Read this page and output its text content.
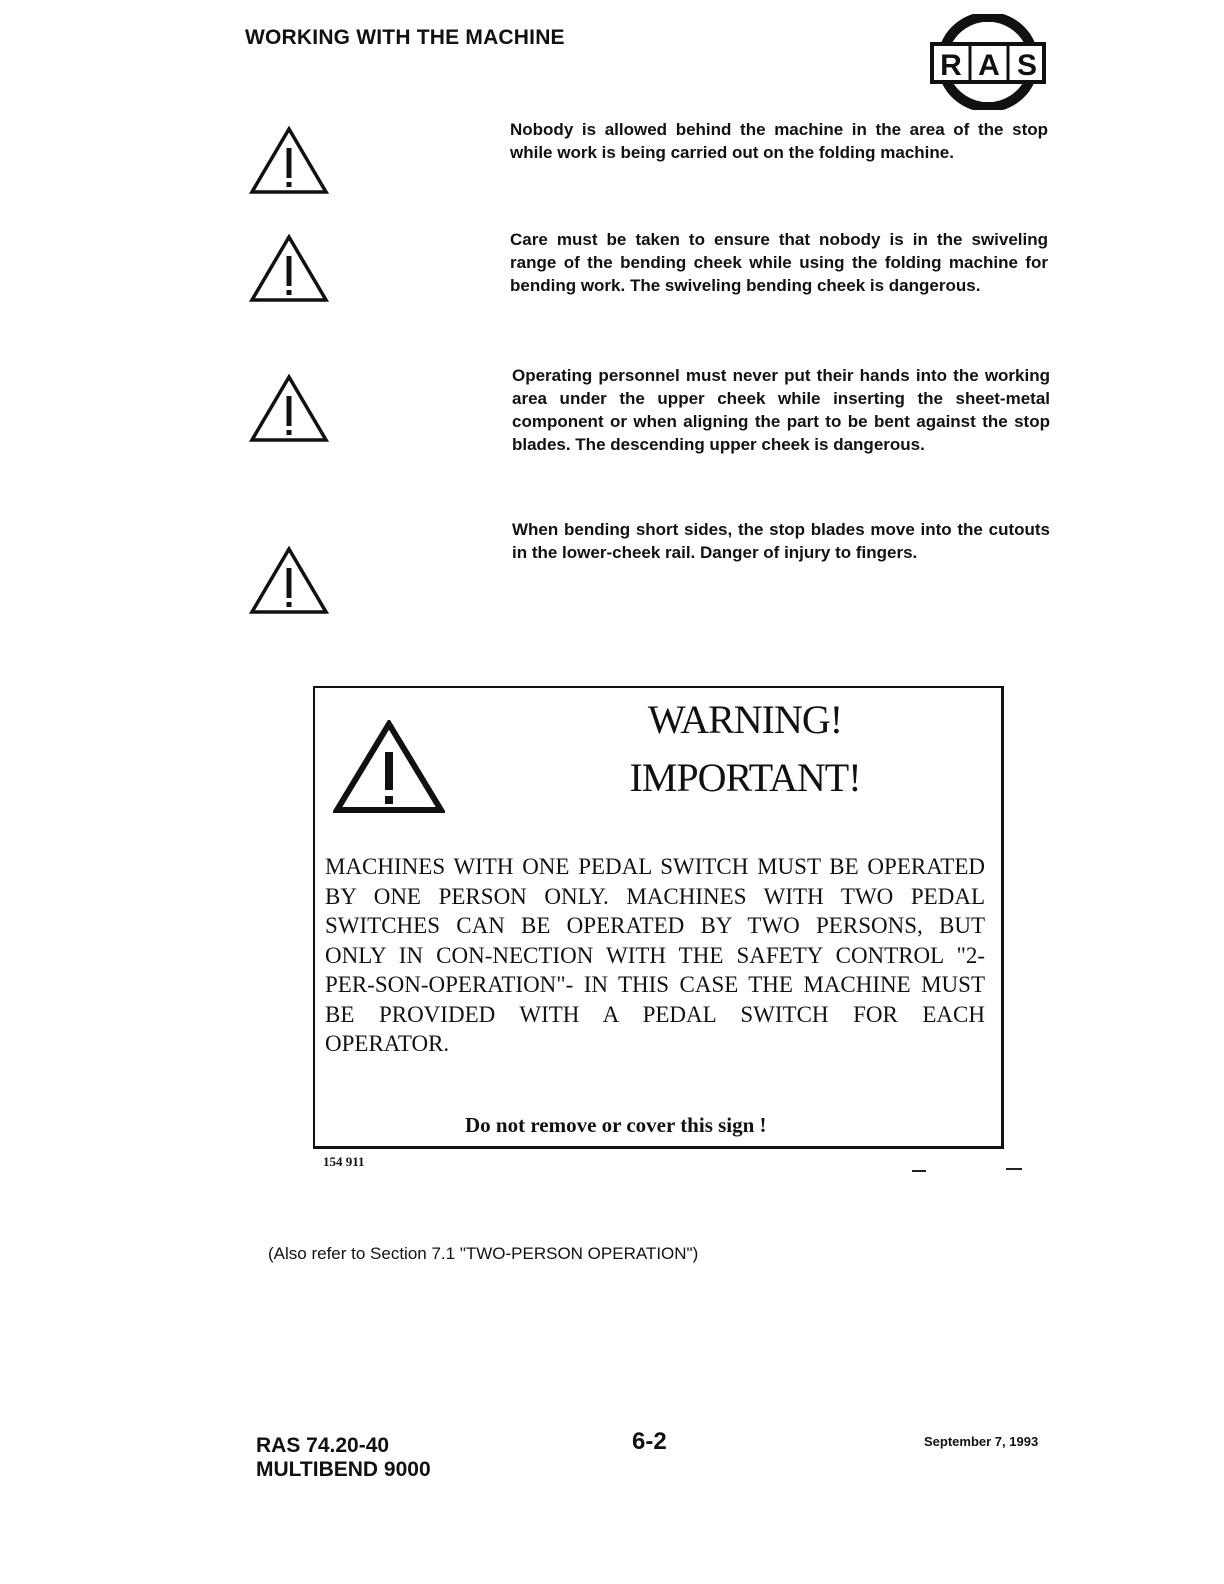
WORKING WITH THE MACHINE
R A S
Nobody is allowed behind the machine in the area of the stop while work is being carried out on the folding machine.
Care must be taken to ensure that nobody is in the swiveling range of the bending cheek while using the folding machine for bending work. The swiveling bending cheek is dangerous.
Operating personnel must never put their hands into the working area under the upper cheek while inserting the sheet-metal component or when aligning the part to be bent against the stop blades. The descending upper cheek is dangerous.
When bending short sides, the stop blades move into the cutouts in the lower-cheek rail. Danger of injury to fingers.
WARNING!
IMPORTANT!
MACHINES WITH ONE PEDAL SWITCH MUST BE OPERATED BY ONE PERSON ONLY. MACHINES WITH TWO PEDAL SWITCHES CAN BE OPERATED BY TWO PERSONS, BUT ONLY IN CON-NECTION WITH THE SAFETY CONTROL "2-PER-SON-OPERATION"- IN THIS CASE THE MACHINE MUST BE PROVIDED WITH A PEDAL SWITCH FOR EACH OPERATOR.
Do not remove or cover this sign !
154 911
(Also refer to Section 7.1 "TWO-PERSON OPERATION")
RAS 74.20-40
MULTIBEND 9000
6-2	September 7, 1993
